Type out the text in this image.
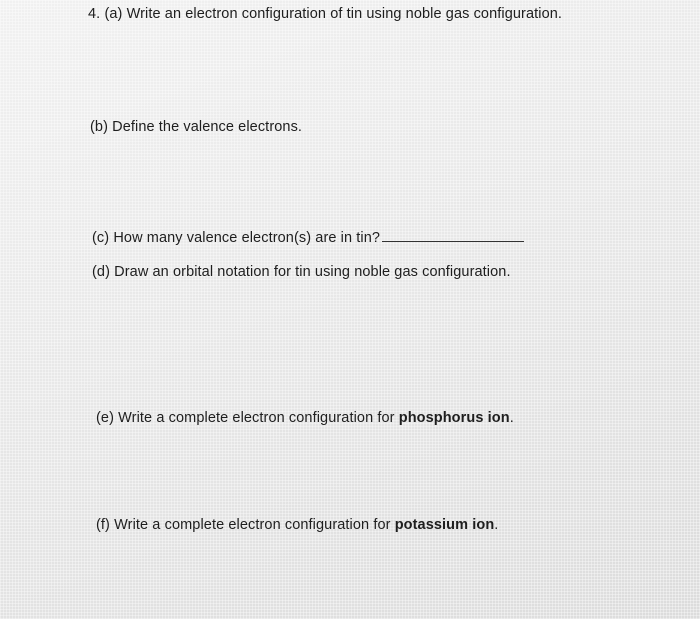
4. (a) Write an electron configuration of tin using noble gas configuration.

(b) Define the valence electrons.

(c) How many valence electron(s) are in tin?

(d) Draw an orbital notation for tin using noble gas configuration.

(e) Write a complete electron configuration for phosphorus ion.

(f) Write a complete electron configuration for potassium ion.
